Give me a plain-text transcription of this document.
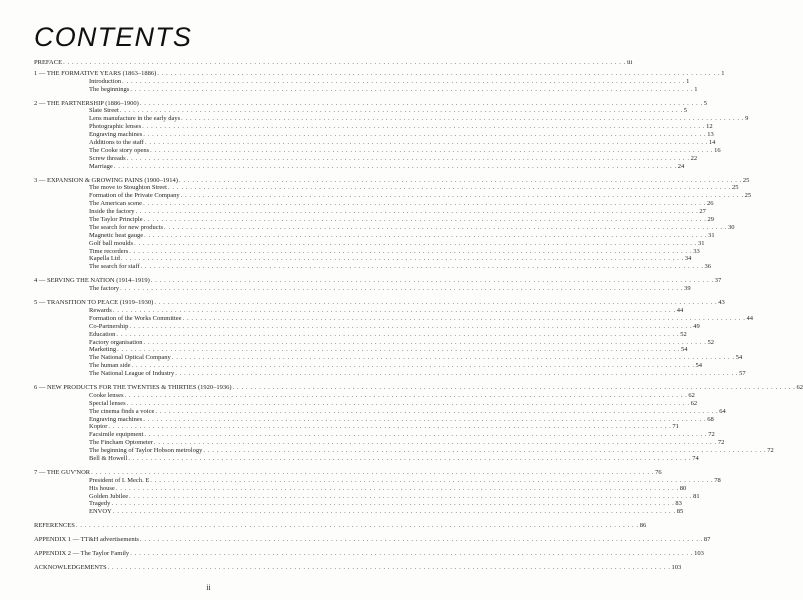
CONTENTS
PREFACE . . . . . . . . . . . . . . . . . . . . . . . . . . . . . . . . . . . . . . . . . . . . . . . . . . . . . . . . . . . . . . . . . . . . . . . . . . . . . . . . . . . . . . . . . . . . . . . . . . . . . . . . . . . . . . . . . . . . . . . . . . . . . . . iii
1 — THE FORMATIVE YEARS (1863–1886) . . . . . . . . . . . . . . . . . . . . . . . . . . . . . . . . . . . . . . . . . . . . . . . . . . . . . . . . . . . . . . . . . . . . . . . . . . . . . . . . . . . . . . . . . . . . . . . . . . . . . . . . . . . . . . . . . . . . . . . . . . . . . . . 1
Introduction . . . . . . . . . . . . . . . . . . . . . . . . . . . . . . . . . . . . . . . . . . . . . . . . . . . . . . . . . . . . . . . . . . . . . . . . . . . . . . . . . . . . . . . . . . . . . . . . . . . . . . . . . . . . . . . . . . . . . . . . . . . . . . . 1
The beginnings . . . . . . . . . . . . . . . . . . . . . . . . . . . . . . . . . . . . . . . . . . . . . . . . . . . . . . . . . . . . . . . . . . . . . . . . . . . . . . . . . . . . . . . . . . . . . . . . . . . . . . . . . . . . . . . . . . . . . . . . . . . . . . . 1
2 — THE PARTNERSHIP (1886–1900) . . . . . . . . . . . . . . . . . . . . . . . . . . . . . . . . . . . . . . . . . . . . . . . . . . . . . . . . . . . . . . . . . . . . . . . . . . . . . . . . . . . . . . . . . . . . . . . . . . . . . . . . . . . . . . . . . . . . . . . . . . . . . . . 5
Slate Street . . . . . . . . . . . . . . . . . . . . . . . . . . . . . . . . . . . . . . . . . . . . . . . . . . . . . . . . . . . . . . . . . . . . . . . . . . . . . . . . . . . . . . . . . . . . . . . . . . . . . . . . . . . . . . . . . . . . . . . . . . . . . . . 5
Lens manufacture in the early days . . . . . . . . . . . . . . . . . . . . . . . . . . . . . . . . . . . . . . . . . . . . . . . . . . . . . . . . . . . . . . . . . . . . . . . . . . . . . . . . . . . . . . . . . . . . . . . . . . . . . . . . . . . . . . . . . . . . . . . . . . . . . . . 9
Photographic lenses . . . . . . . . . . . . . . . . . . . . . . . . . . . . . . . . . . . . . . . . . . . . . . . . . . . . . . . . . . . . . . . . . . . . . . . . . . . . . . . . . . . . . . . . . . . . . . . . . . . . . . . . . . . . . . . . . . . . . . . . . . . . . . . 12
Engraving machines . . . . . . . . . . . . . . . . . . . . . . . . . . . . . . . . . . . . . . . . . . . . . . . . . . . . . . . . . . . . . . . . . . . . . . . . . . . . . . . . . . . . . . . . . . . . . . . . . . . . . . . . . . . . . . . . . . . . . . . . . . . . . . . 13
Additions to the staff . . . . . . . . . . . . . . . . . . . . . . . . . . . . . . . . . . . . . . . . . . . . . . . . . . . . . . . . . . . . . . . . . . . . . . . . . . . . . . . . . . . . . . . . . . . . . . . . . . . . . . . . . . . . . . . . . . . . . . . . . . . . . . . 14
The Cooke story opens . . . . . . . . . . . . . . . . . . . . . . . . . . . . . . . . . . . . . . . . . . . . . . . . . . . . . . . . . . . . . . . . . . . . . . . . . . . . . . . . . . . . . . . . . . . . . . . . . . . . . . . . . . . . . . . . . . . . . . . . . . . . . . . 16
Screw threads . . . . . . . . . . . . . . . . . . . . . . . . . . . . . . . . . . . . . . . . . . . . . . . . . . . . . . . . . . . . . . . . . . . . . . . . . . . . . . . . . . . . . . . . . . . . . . . . . . . . . . . . . . . . . . . . . . . . . . . . . . . . . . . 22
Marriage . . . . . . . . . . . . . . . . . . . . . . . . . . . . . . . . . . . . . . . . . . . . . . . . . . . . . . . . . . . . . . . . . . . . . . . . . . . . . . . . . . . . . . . . . . . . . . . . . . . . . . . . . . . . . . . . . . . . . . . . . . . . . . . 24
3 — EXPANSION & GROWING PAINS (1900–1914) . . . . . . . . . . . . . . . . . . . . . . . . . . . . . . . . . . . . . . . . . . . . . . . . . . . . . . . . . . . . . . . . . . . . . . . . . . . . . . . . . . . . . . . . . . . . . . . . . . . . . . . . . . . . . . . . . . . . . . . . . . . . . . . 25
The move to Stoughton Street . . . . . . . . . . . . . . . . . . . . . . . . . . . . . . . . . . . . . . . . . . . . . . . . . . . . . . . . . . . . . . . . . . . . . . . . . . . . . . . . . . . . . . . . . . . . . . . . . . . . . . . . . . . . . . . . . . . . . . . . . . . . . . . 25
Formation of the Private Company . . . . . . . . . . . . . . . . . . . . . . . . . . . . . . . . . . . . . . . . . . . . . . . . . . . . . . . . . . . . . . . . . . . . . . . . . . . . . . . . . . . . . . . . . . . . . . . . . . . . . . . . . . . . . . . . . . . . . . . . . . . . . . . 25
The American scene . . . . . . . . . . . . . . . . . . . . . . . . . . . . . . . . . . . . . . . . . . . . . . . . . . . . . . . . . . . . . . . . . . . . . . . . . . . . . . . . . . . . . . . . . . . . . . . . . . . . . . . . . . . . . . . . . . . . . . . . . . . . . . . 26
Inside the factory . . . . . . . . . . . . . . . . . . . . . . . . . . . . . . . . . . . . . . . . . . . . . . . . . . . . . . . . . . . . . . . . . . . . . . . . . . . . . . . . . . . . . . . . . . . . . . . . . . . . . . . . . . . . . . . . . . . . . . . . . . . . . . . 27
The Taylor Principle . . . . . . . . . . . . . . . . . . . . . . . . . . . . . . . . . . . . . . . . . . . . . . . . . . . . . . . . . . . . . . . . . . . . . . . . . . . . . . . . . . . . . . . . . . . . . . . . . . . . . . . . . . . . . . . . . . . . . . . . . . . . . . . 29
The search for new products . . . . . . . . . . . . . . . . . . . . . . . . . . . . . . . . . . . . . . . . . . . . . . . . . . . . . . . . . . . . . . . . . . . . . . . . . . . . . . . . . . . . . . . . . . . . . . . . . . . . . . . . . . . . . . . . . . . . . . . . . . . . . . . 30
Magnetic heat gauge . . . . . . . . . . . . . . . . . . . . . . . . . . . . . . . . . . . . . . . . . . . . . . . . . . . . . . . . . . . . . . . . . . . . . . . . . . . . . . . . . . . . . . . . . . . . . . . . . . . . . . . . . . . . . . . . . . . . . . . . . . . . . . . 31
Golf ball moulds . . . . . . . . . . . . . . . . . . . . . . . . . . . . . . . . . . . . . . . . . . . . . . . . . . . . . . . . . . . . . . . . . . . . . . . . . . . . . . . . . . . . . . . . . . . . . . . . . . . . . . . . . . . . . . . . . . . . . . . . . . . . . . . 31
Time recorders . . . . . . . . . . . . . . . . . . . . . . . . . . . . . . . . . . . . . . . . . . . . . . . . . . . . . . . . . . . . . . . . . . . . . . . . . . . . . . . . . . . . . . . . . . . . . . . . . . . . . . . . . . . . . . . . . . . . . . . . . . . . . . . 33
Kapella Ltd . . . . . . . . . . . . . . . . . . . . . . . . . . . . . . . . . . . . . . . . . . . . . . . . . . . . . . . . . . . . . . . . . . . . . . . . . . . . . . . . . . . . . . . . . . . . . . . . . . . . . . . . . . . . . . . . . . . . . . . . . . . . . . . 34
The search for staff . . . . . . . . . . . . . . . . . . . . . . . . . . . . . . . . . . . . . . . . . . . . . . . . . . . . . . . . . . . . . . . . . . . . . . . . . . . . . . . . . . . . . . . . . . . . . . . . . . . . . . . . . . . . . . . . . . . . . . . . . . . . . . . 36
4 — SERVING THE NATION (1914–1919) . . . . . . . . . . . . . . . . . . . . . . . . . . . . . . . . . . . . . . . . . . . . . . . . . . . . . . . . . . . . . . . . . . . . . . . . . . . . . . . . . . . . . . . . . . . . . . . . . . . . . . . . . . . . . . . . . . . . . . . . . . . . . . . 37
The factory . . . . . . . . . . . . . . . . . . . . . . . . . . . . . . . . . . . . . . . . . . . . . . . . . . . . . . . . . . . . . . . . . . . . . . . . . . . . . . . . . . . . . . . . . . . . . . . . . . . . . . . . . . . . . . . . . . . . . . . . . . . . . . . 39
5 — TRANSITION TO PEACE (1919–1930) . . . . . . . . . . . . . . . . . . . . . . . . . . . . . . . . . . . . . . . . . . . . . . . . . . . . . . . . . . . . . . . . . . . . . . . . . . . . . . . . . . . . . . . . . . . . . . . . . . . . . . . . . . . . . . . . . . . . . . . . . . . . . . . 43
Rewards . . . . . . . . . . . . . . . . . . . . . . . . . . . . . . . . . . . . . . . . . . . . . . . . . . . . . . . . . . . . . . . . . . . . . . . . . . . . . . . . . . . . . . . . . . . . . . . . . . . . . . . . . . . . . . . . . . . . . . . . . . . . . . . 44
Formation of the Works Committee . . . . . . . . . . . . . . . . . . . . . . . . . . . . . . . . . . . . . . . . . . . . . . . . . . . . . . . . . . . . . . . . . . . . . . . . . . . . . . . . . . . . . . . . . . . . . . . . . . . . . . . . . . . . . . . . . . . . . . . . . . . . . . . 44
Co-Partnership . . . . . . . . . . . . . . . . . . . . . . . . . . . . . . . . . . . . . . . . . . . . . . . . . . . . . . . . . . . . . . . . . . . . . . . . . . . . . . . . . . . . . . . . . . . . . . . . . . . . . . . . . . . . . . . . . . . . . . . . . . . . . . . 49
Education . . . . . . . . . . . . . . . . . . . . . . . . . . . . . . . . . . . . . . . . . . . . . . . . . . . . . . . . . . . . . . . . . . . . . . . . . . . . . . . . . . . . . . . . . . . . . . . . . . . . . . . . . . . . . . . . . . . . . . . . . . . . . . . 52
Factory organisation . . . . . . . . . . . . . . . . . . . . . . . . . . . . . . . . . . . . . . . . . . . . . . . . . . . . . . . . . . . . . . . . . . . . . . . . . . . . . . . . . . . . . . . . . . . . . . . . . . . . . . . . . . . . . . . . . . . . . . . . . . . . . . . 52
Marketing . . . . . . . . . . . . . . . . . . . . . . . . . . . . . . . . . . . . . . . . . . . . . . . . . . . . . . . . . . . . . . . . . . . . . . . . . . . . . . . . . . . . . . . . . . . . . . . . . . . . . . . . . . . . . . . . . . . . . . . . . . . . . . . 54
The National Optical Company . . . . . . . . . . . . . . . . . . . . . . . . . . . . . . . . . . . . . . . . . . . . . . . . . . . . . . . . . . . . . . . . . . . . . . . . . . . . . . . . . . . . . . . . . . . . . . . . . . . . . . . . . . . . . . . . . . . . . . . . . . . . . . . 54
The human side . . . . . . . . . . . . . . . . . . . . . . . . . . . . . . . . . . . . . . . . . . . . . . . . . . . . . . . . . . . . . . . . . . . . . . . . . . . . . . . . . . . . . . . . . . . . . . . . . . . . . . . . . . . . . . . . . . . . . . . . . . . . . . . 54
The National League of Industry . . . . . . . . . . . . . . . . . . . . . . . . . . . . . . . . . . . . . . . . . . . . . . . . . . . . . . . . . . . . . . . . . . . . . . . . . . . . . . . . . . . . . . . . . . . . . . . . . . . . . . . . . . . . . . . . . . . . . . . . . . . . . . . 57
6 — NEW PRODUCTS FOR THE TWENTIES & THIRTIES (1920–1936) . . . . . . . . . . . . . . . . . . . . . . . . . . . . . . . . . . . . . . . . . . . . . . . . . . . . . . . . . . . . . . . . . . . . . . . . . . . . . . . . . . . . . . . . . . . . . . . . . . . . . . . . . . . . . . . . . . . . . . . . . . . . . . . 62
Cooke lenses . . . . . . . . . . . . . . . . . . . . . . . . . . . . . . . . . . . . . . . . . . . . . . . . . . . . . . . . . . . . . . . . . . . . . . . . . . . . . . . . . . . . . . . . . . . . . . . . . . . . . . . . . . . . . . . . . . . . . . . . . . . . . . . 62
Special lenses . . . . . . . . . . . . . . . . . . . . . . . . . . . . . . . . . . . . . . . . . . . . . . . . . . . . . . . . . . . . . . . . . . . . . . . . . . . . . . . . . . . . . . . . . . . . . . . . . . . . . . . . . . . . . . . . . . . . . . . . . . . . . . . 62
The cinema finds a voice . . . . . . . . . . . . . . . . . . . . . . . . . . . . . . . . . . . . . . . . . . . . . . . . . . . . . . . . . . . . . . . . . . . . . . . . . . . . . . . . . . . . . . . . . . . . . . . . . . . . . . . . . . . . . . . . . . . . . . . . . . . . . . . 64
Engraving machines . . . . . . . . . . . . . . . . . . . . . . . . . . . . . . . . . . . . . . . . . . . . . . . . . . . . . . . . . . . . . . . . . . . . . . . . . . . . . . . . . . . . . . . . . . . . . . . . . . . . . . . . . . . . . . . . . . . . . . . . . . . . . . . 68
Koptor . . . . . . . . . . . . . . . . . . . . . . . . . . . . . . . . . . . . . . . . . . . . . . . . . . . . . . . . . . . . . . . . . . . . . . . . . . . . . . . . . . . . . . . . . . . . . . . . . . . . . . . . . . . . . . . . . . . . . . . . . . . . . . . 71
Facsimile equipment . . . . . . . . . . . . . . . . . . . . . . . . . . . . . . . . . . . . . . . . . . . . . . . . . . . . . . . . . . . . . . . . . . . . . . . . . . . . . . . . . . . . . . . . . . . . . . . . . . . . . . . . . . . . . . . . . . . . . . . . . . . . . . . 72
The Fincham Optometer . . . . . . . . . . . . . . . . . . . . . . . . . . . . . . . . . . . . . . . . . . . . . . . . . . . . . . . . . . . . . . . . . . . . . . . . . . . . . . . . . . . . . . . . . . . . . . . . . . . . . . . . . . . . . . . . . . . . . . . . . . . . . . . 72
The beginning of Taylor Hobson metrology . . . . . . . . . . . . . . . . . . . . . . . . . . . . . . . . . . . . . . . . . . . . . . . . . . . . . . . . . . . . . . . . . . . . . . . . . . . . . . . . . . . . . . . . . . . . . . . . . . . . . . . . . . . . . . . . . . . . . . . . . . . . . . . 72
Bell & Howell . . . . . . . . . . . . . . . . . . . . . . . . . . . . . . . . . . . . . . . . . . . . . . . . . . . . . . . . . . . . . . . . . . . . . . . . . . . . . . . . . . . . . . . . . . . . . . . . . . . . . . . . . . . . . . . . . . . . . . . . . . . . . . . 74
7 — THE GUV'NOR . . . . . . . . . . . . . . . . . . . . . . . . . . . . . . . . . . . . . . . . . . . . . . . . . . . . . . . . . . . . . . . . . . . . . . . . . . . . . . . . . . . . . . . . . . . . . . . . . . . . . . . . . . . . . . . . . . . . . . . . . . . . . . . 76
President of I. Mech. E . . . . . . . . . . . . . . . . . . . . . . . . . . . . . . . . . . . . . . . . . . . . . . . . . . . . . . . . . . . . . . . . . . . . . . . . . . . . . . . . . . . . . . . . . . . . . . . . . . . . . . . . . . . . . . . . . . . . . . . . . . . . . . . 78
His house . . . . . . . . . . . . . . . . . . . . . . . . . . . . . . . . . . . . . . . . . . . . . . . . . . . . . . . . . . . . . . . . . . . . . . . . . . . . . . . . . . . . . . . . . . . . . . . . . . . . . . . . . . . . . . . . . . . . . . . . . . . . . . . 80
Golden Jubilee . . . . . . . . . . . . . . . . . . . . . . . . . . . . . . . . . . . . . . . . . . . . . . . . . . . . . . . . . . . . . . . . . . . . . . . . . . . . . . . . . . . . . . . . . . . . . . . . . . . . . . . . . . . . . . . . . . . . . . . . . . . . . . . 81
Tragedy . . . . . . . . . . . . . . . . . . . . . . . . . . . . . . . . . . . . . . . . . . . . . . . . . . . . . . . . . . . . . . . . . . . . . . . . . . . . . . . . . . . . . . . . . . . . . . . . . . . . . . . . . . . . . . . . . . . . . . . . . . . . . . . 83
ENVOY . . . . . . . . . . . . . . . . . . . . . . . . . . . . . . . . . . . . . . . . . . . . . . . . . . . . . . . . . . . . . . . . . . . . . . . . . . . . . . . . . . . . . . . . . . . . . . . . . . . . . . . . . . . . . . . . . . . . . . . . . . . . . . . 85
REFERENCES . . . . . . . . . . . . . . . . . . . . . . . . . . . . . . . . . . . . . . . . . . . . . . . . . . . . . . . . . . . . . . . . . . . . . . . . . . . . . . . . . . . . . . . . . . . . . . . . . . . . . . . . . . . . . . . . . . . . . . . . . . . . . . . 86
APPENDIX 1 — TT&H advertisements . . . . . . . . . . . . . . . . . . . . . . . . . . . . . . . . . . . . . . . . . . . . . . . . . . . . . . . . . . . . . . . . . . . . . . . . . . . . . . . . . . . . . . . . . . . . . . . . . . . . . . . . . . . . . . . . . . . . . . . . . . . . . . . 87
APPENDIX 2 — The Taylor Family . . . . . . . . . . . . . . . . . . . . . . . . . . . . . . . . . . . . . . . . . . . . . . . . . . . . . . . . . . . . . . . . . . . . . . . . . . . . . . . . . . . . . . . . . . . . . . . . . . . . . . . . . . . . . . . . . . . . . . . . . . . . . . . 103
ACKNOWLEDGEMENTS . . . . . . . . . . . . . . . . . . . . . . . . . . . . . . . . . . . . . . . . . . . . . . . . . . . . . . . . . . . . . . . . . . . . . . . . . . . . . . . . . . . . . . . . . . . . . . . . . . . . . . . . . . . . . . . . . . . . . . . . . . . . . . . 103
ii
